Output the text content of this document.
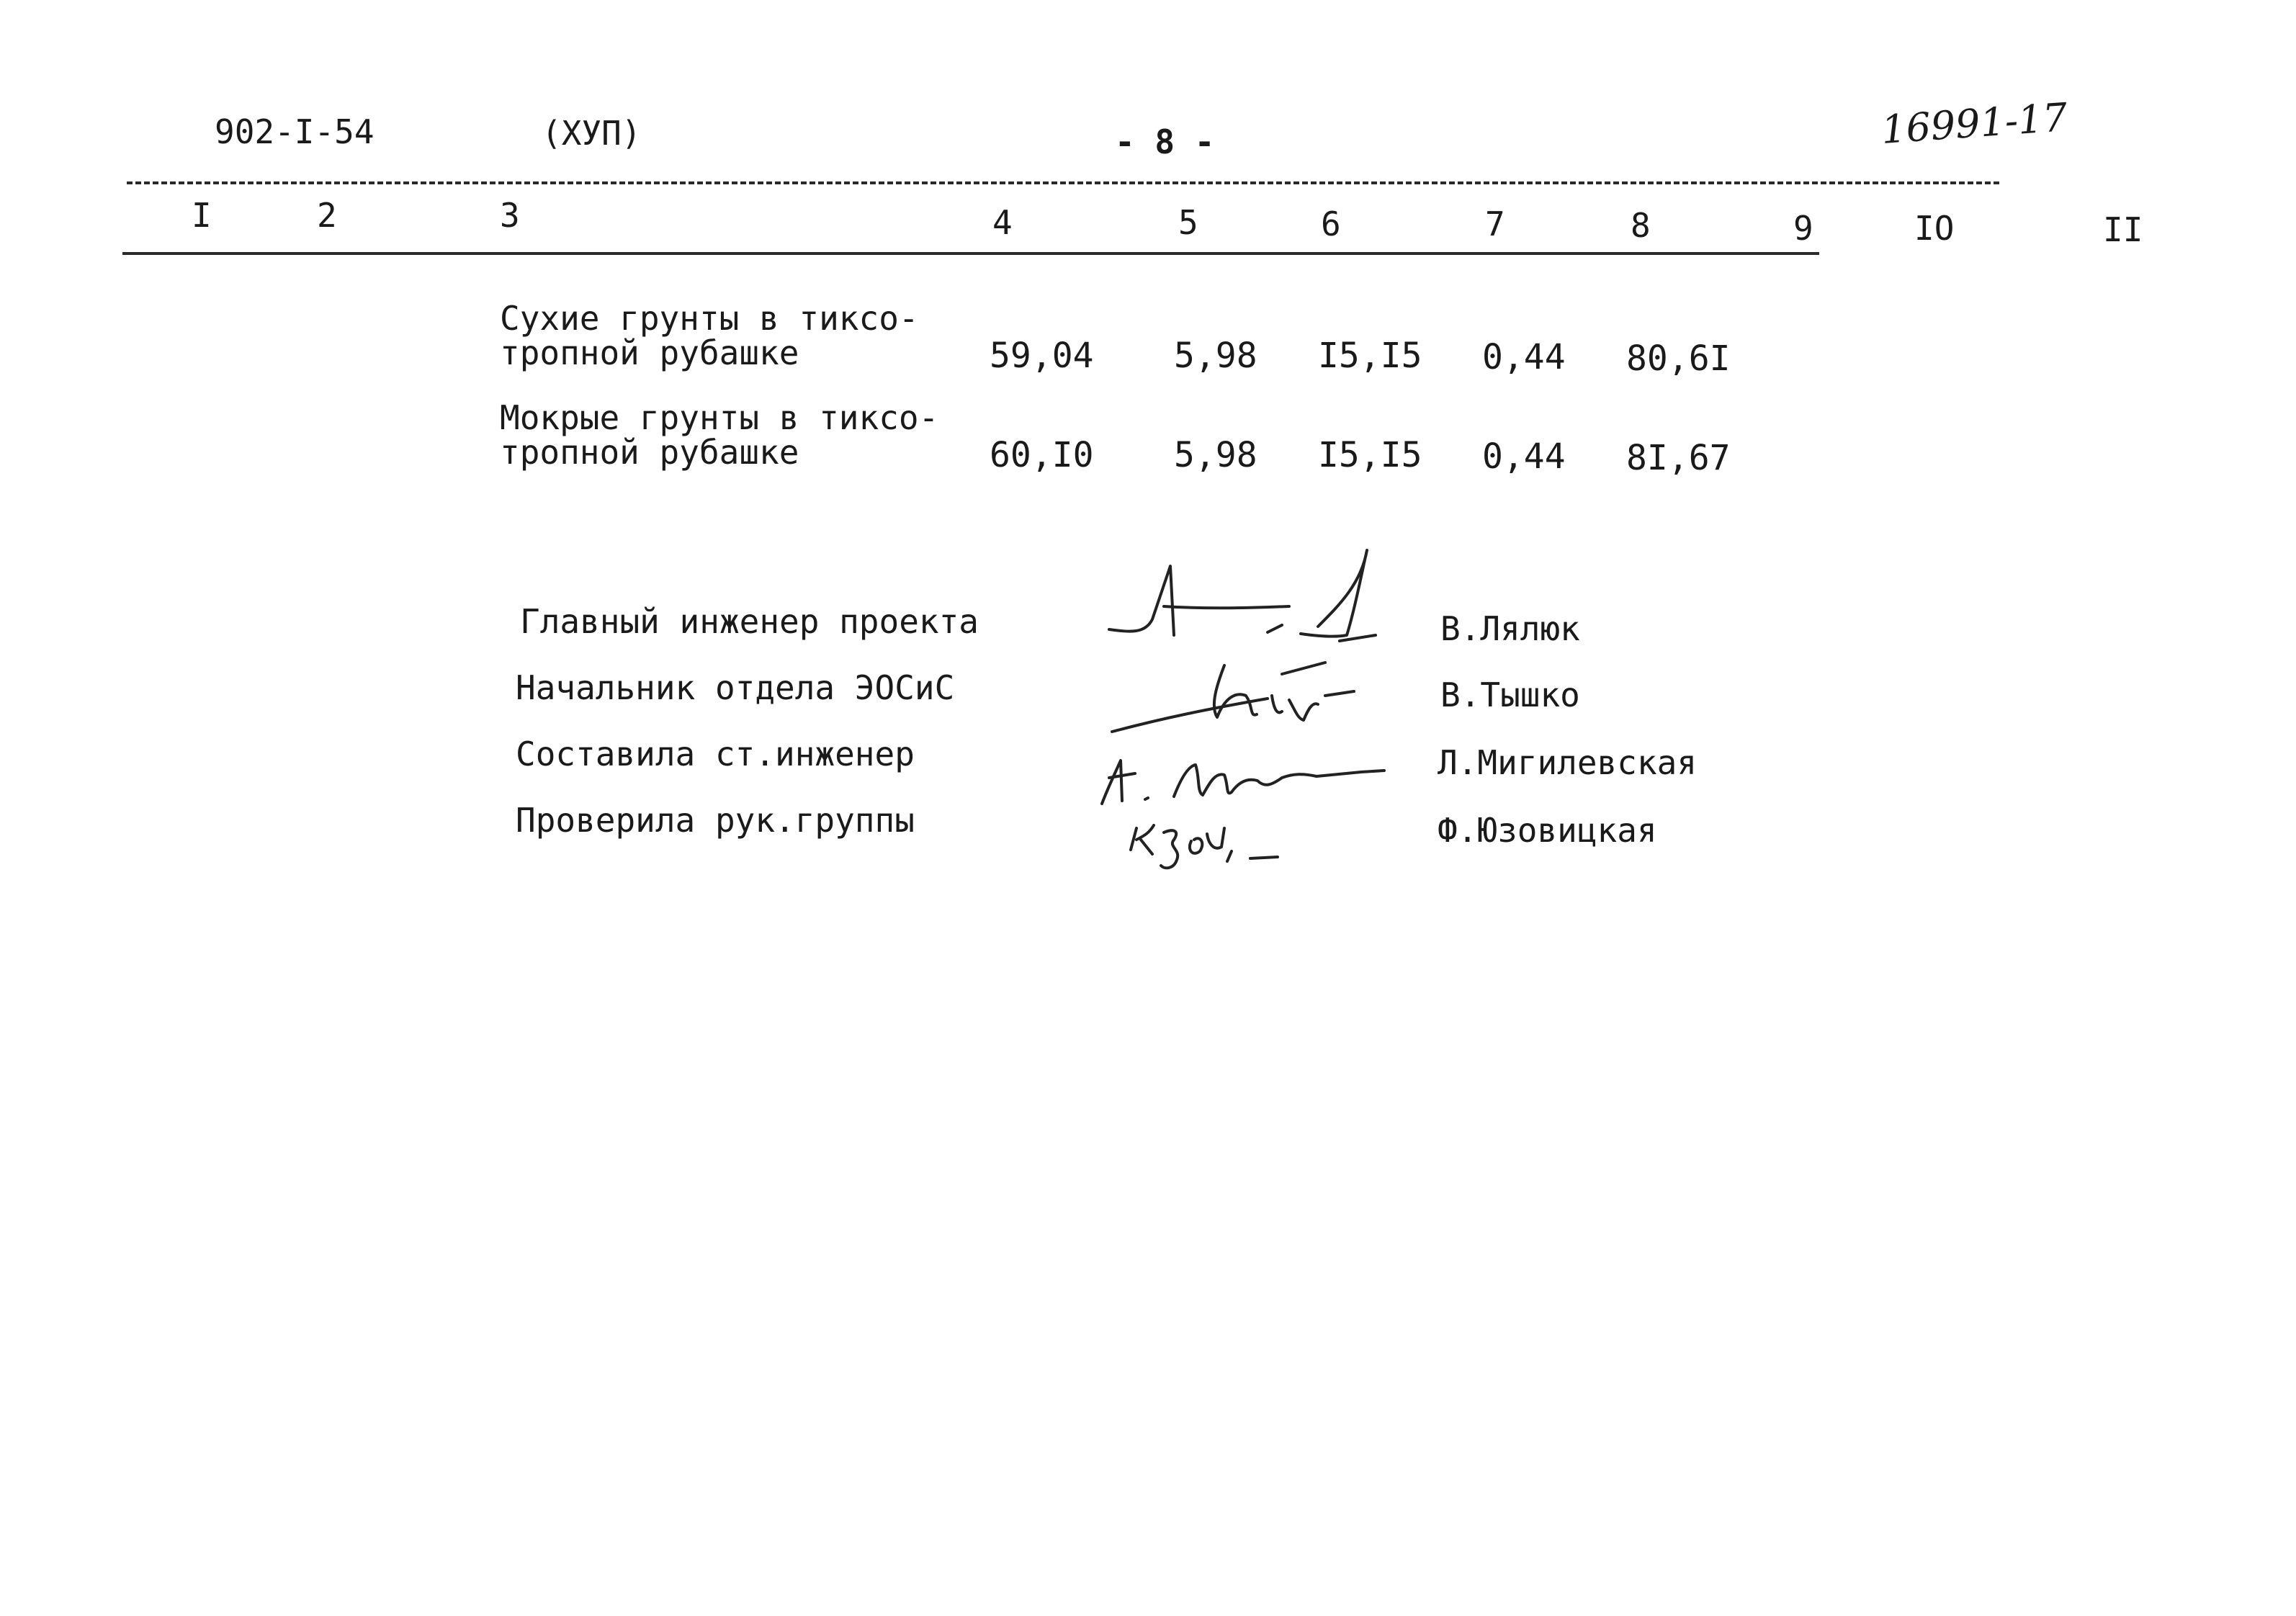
902-I-54	(ХУП)	- 8 -	16991-17
I	2	3	4	5	6	7	8	9	IO	II
Сухие грунты в тиксо-
тропной рубашке	59,04 5,98 I5,I5 0,44 80,6I
Мокрые грунты в тиксо-
тропной рубашке	60,I0 5,98 I5,I5 0,44 8I,67
Главный инженер проекта
Начальник отдела ЭОСиС
Составила ст.инженер
Проверила рук.группы
В.Лялюк
В.Тышко
Л.Мигилевская
Ф.Юзовицкая
